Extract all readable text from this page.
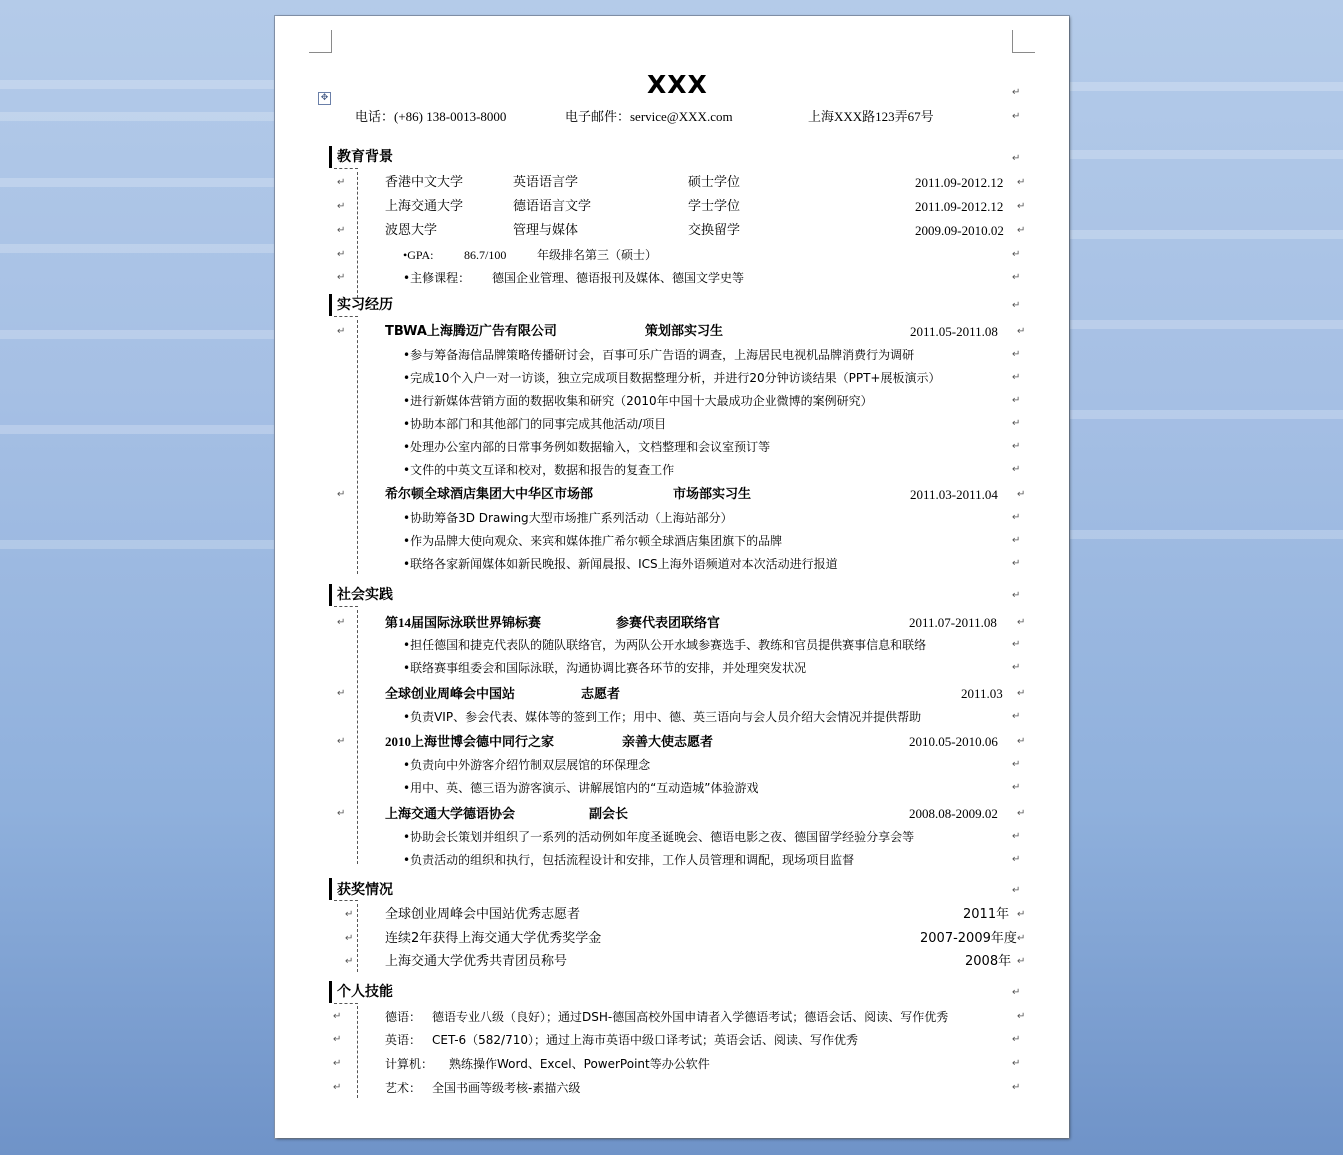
✥	XXX
电话：(+86) 138-0013-8000	电子邮件：service@XXX.com	上海XXX路123弄67号
教育背景
香港中文大学	英语语言学	硕士学位	2011.09-2012.12
上海交通大学	德语语言文学	学士学位	2011.09-2012.12
波恩大学	管理与媒体	交换留学	2009.09-2010.02
•GPA:	86.7/100	年级排名第三（硕士）
•主修课程： 德国企业管理、德语报刊及媒体、德国文学史等
实习经历
TBWA上海腾迈广告有限公司	策划部实习生	2011.05-2011.08
•参与筹备海信品牌策略传播研讨会，百事可乐广告语的调查，上海居民电视机品牌消费行为调研
•完成10个入户一对一访谈，独立完成项目数据整理分析，并进行20分钟访谈结果（PPT+展板演示）
•进行新媒体营销方面的数据收集和研究（2010年中国十大最成功企业微博的案例研究）
•协助本部门和其他部门的同事完成其他活动/项目
•处理办公室内部的日常事务例如数据输入，文档整理和会议室预订等
•文件的中英文互译和校对，数据和报告的复查工作
希尔顿全球酒店集团大中华区市场部	市场部实习生	2011.03-2011.04
•协助筹备3D Drawing大型市场推广系列活动（上海站部分）
•作为品牌大使向观众、来宾和媒体推广希尔顿全球酒店集团旗下的品牌
•联络各家新闻媒体如新民晚报、新闻晨报、ICS上海外语频道对本次活动进行报道
社会实践
第14届国际泳联世界锦标赛	参赛代表团联络官	2011.07-2011.08
•担任德国和捷克代表队的随队联络官，为两队公开水域参赛选手、教练和官员提供赛事信息和联络
•联络赛事组委会和国际泳联，沟通协调比赛各环节的安排，并处理突发状况
全球创业周峰会中国站	志愿者	2011.03
•负责VIP、参会代表、媒体等的签到工作；用中、德、英三语向与会人员介绍大会情况并提供帮助
2010上海世博会德中同行之家	亲善大使志愿者	2010.05-2010.06
•负责向中外游客介绍竹制双层展馆的环保理念
•用中、英、德三语为游客演示、讲解展馆内的“互动造城”体验游戏
上海交通大学德语协会	副会长	2008.08-2009.02
•协助会长策划并组织了一系列的活动例如年度圣诞晚会、德语电影之夜、德国留学经验分享会等
•负责活动的组织和执行，包括流程设计和安排，工作人员管理和调配，现场项目监督
获奖情况
全球创业周峰会中国站优秀志愿者	2011年
连续2年获得上海交通大学优秀奖学金	2007-2009年度
上海交通大学优秀共青团员称号	2008年
个人技能
德语： 德语专业八级（良好）；通过DSH-德国高校外国申请者入学德语考试；德语会话、阅读、写作优秀
英语： CET-6（582/710）；通过上海市英语中级口译考试；英语会话、阅读、写作优秀
计算机： 熟练操作Word、Excel、PowerPoint等办公软件
艺术： 全国书画等级考核-素描六级
↵
↵
↵
↵
↵
↵
↵
↵
↵
↵
↵
↵
↵
↵
↵
↵
↵
↵
↵
↵
↵
↵
↵
↵
↵
↵
↵
↵
↵
↵
↵
↵
↵
↵
↵
↵
↵
↵
↵
↵
↵
↵
↵
↵
↵
↵
↵
↵
↵
↵
↵
↵
↵
↵
↵
↵
↵
↵
↵
